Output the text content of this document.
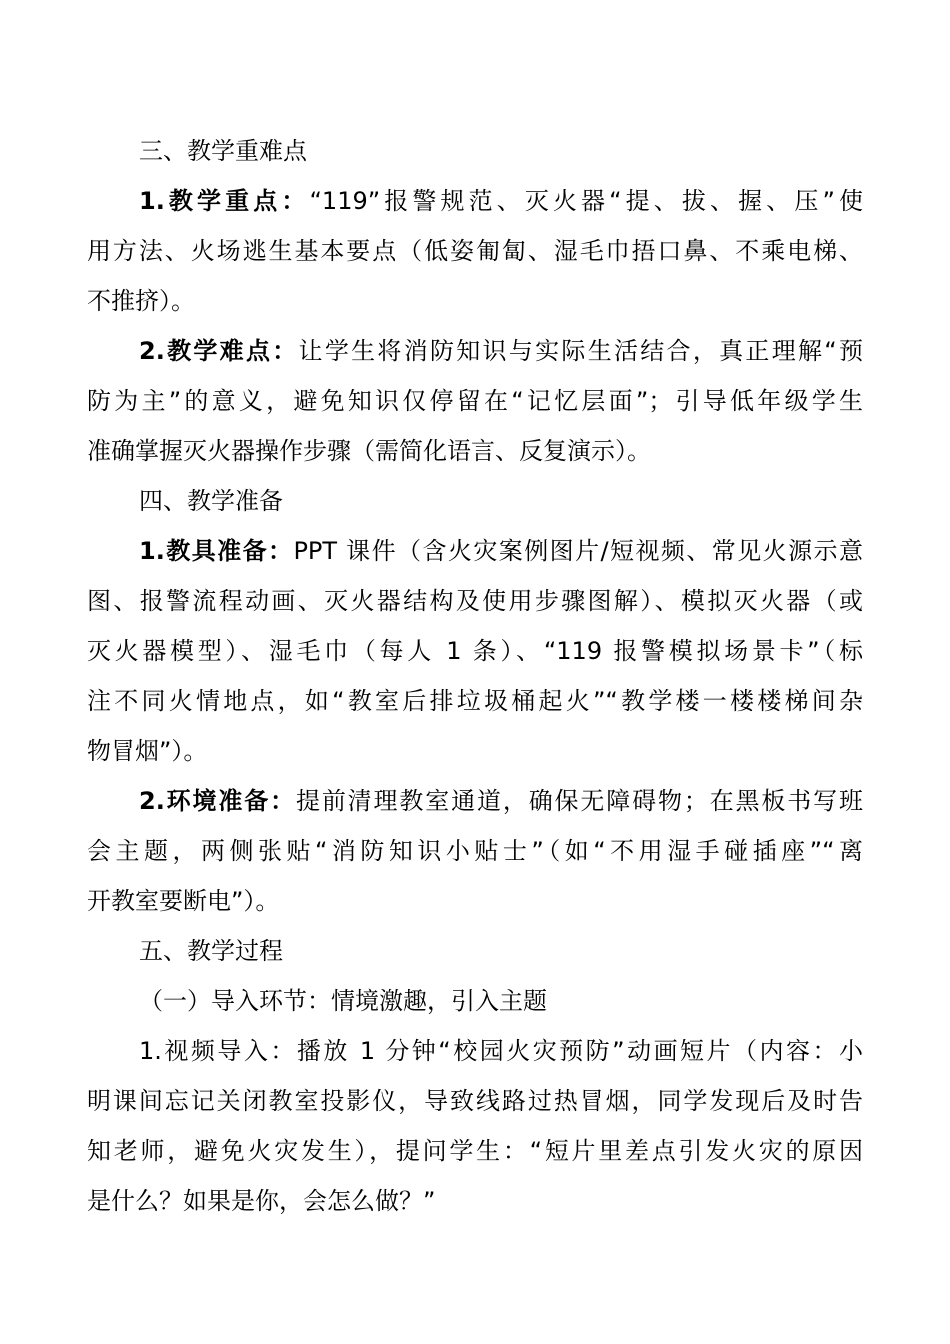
三、教学重难点
1.教学重点：“119”报警规范、灭火器“提、拔、握、压”使
用方法、火场逃生基本要点（低姿匍匐、湿毛巾捂口鼻、不乘电梯、
不推挤）。
2.教学难点：让学生将消防知识与实际生活结合，真正理解“预
防为主”的意义，避免知识仅停留在“记忆层面”；引导低年级学生
准确掌握灭火器操作步骤（需简化语言、反复演示）。
四、教学准备
1.教具准备：PPT 课件（含火灾案例图片/短视频、常见火源示意
图、报警流程动画、灭火器结构及使用步骤图解）、模拟灭火器（或
灭火器模型）、湿毛巾（每人 1 条）、“119 报警模拟场景卡”（标
注不同火情地点，如“教室后排垃圾桶起火”“教学楼一楼楼梯间杂
物冒烟”）。
2.环境准备：提前清理教室通道，确保无障碍物；在黑板书写班
会主题，两侧张贴“消防知识小贴士”（如“不用湿手碰插座”“离
开教室要断电”）。
五、教学过程
（一）导入环节：情境激趣，引入主题
1.视频导入：播放 1 分钟“校园火灾预防”动画短片（内容：小
明课间忘记关闭教室投影仪，导致线路过热冒烟，同学发现后及时告
知老师，避免火灾发生），提问学生：“短片里差点引发火灾的原因
是什么？如果是你，会怎么做？”
